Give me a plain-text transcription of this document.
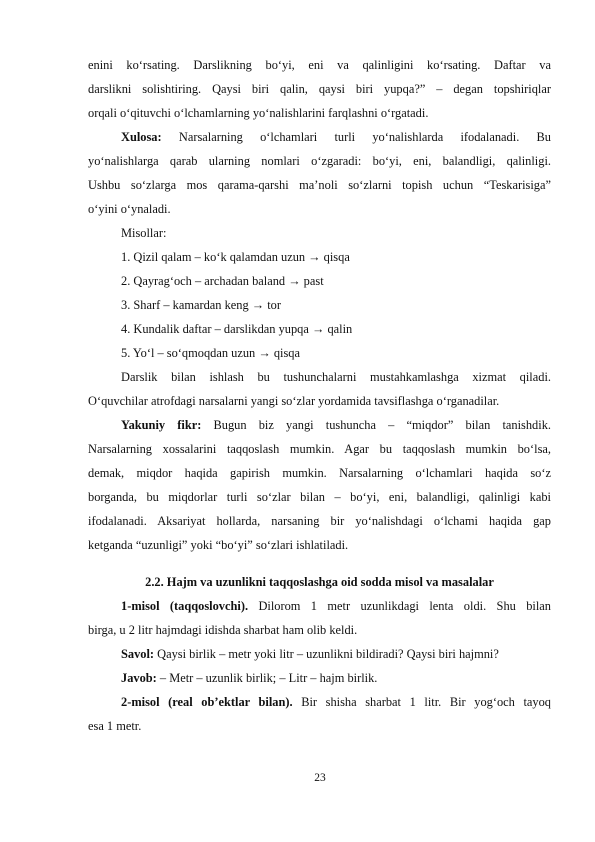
enini ko‘rsating. Darslikning bo‘yi, eni va qalinligini ko‘rsating. Daftar va
darslikni solishtiring. Qaysi biri qalin, qaysi biri yupqa?” – degan topshiriqlar
orqali o‘qituvchi o‘lchamlarning yo‘nalishlarini farqlashni o‘rgatadi.
Xulosa: Narsalarning o‘lchamlari turli yo‘nalishlarda ifodalanadi. Bu
yo‘nalishlarga qarab ularning nomlari o‘zgaradi: bo‘yi, eni, balandligi, qalinligi.
Ushbu so‘zlarga mos qarama-qarshi ma’noli so‘zlarni topish uchun “Teskarisiga”
o‘yini o‘ynaladi.
Misollar:
1. Qizil qalam – ko‘k qalamdan uzun → qisqa
2. Qayrag‘och – archadan baland → past
3. Sharf – kamardan keng → tor
4. Kundalik daftar – darslikdan yupqa → qalin
5. Yo‘l – so‘qmoqdan uzun → qisqa
Darslik bilan ishlash bu tushunchalarni mustahkamlashga xizmat qiladi.
O‘quvchilar atrofdagi narsalarni yangi so‘zlar yordamida tavsiflashga o‘rganadilar.
Yakuniy fikr: Bugun biz yangi tushuncha – “miqdor” bilan tanishdik.
Narsalarning xossalarini taqqoslash mumkin. Agar bu taqqoslash mumkin bo‘lsa,
demak, miqdor haqida gapirish mumkin. Narsalarning o‘lchamlari haqida so‘z
borganda, bu miqdorlar turli so‘zlar bilan – bo‘yi, eni, balandligi, qalinligi kabi
ifodalanadi. Aksariyat hollarda, narsaning bir yo‘nalishdagi o‘lchami haqida gap
ketganda “uzunligi” yoki “bo‘yi” so‘zlari ishlatiladi.
2.2. Hajm va uzunlikni taqqoslashga oid sodda misol va masalalar
1-misol (taqqoslovchi). Dilorom 1 metr uzunlikdagi lenta oldi. Shu bilan
birga, u 2 litr hajmdagi idishda sharbat ham olib keldi.
Savol: Qaysi birlik – metr yoki litr – uzunlikni bildiradi? Qaysi biri hajmni?
Javob: – Metr – uzunlik birlik; – Litr – hajm birlik.
2-misol (real ob’ektlar bilan). Bir shisha sharbat 1 litr. Bir yog‘och tayoq
esa 1 metr.
23
